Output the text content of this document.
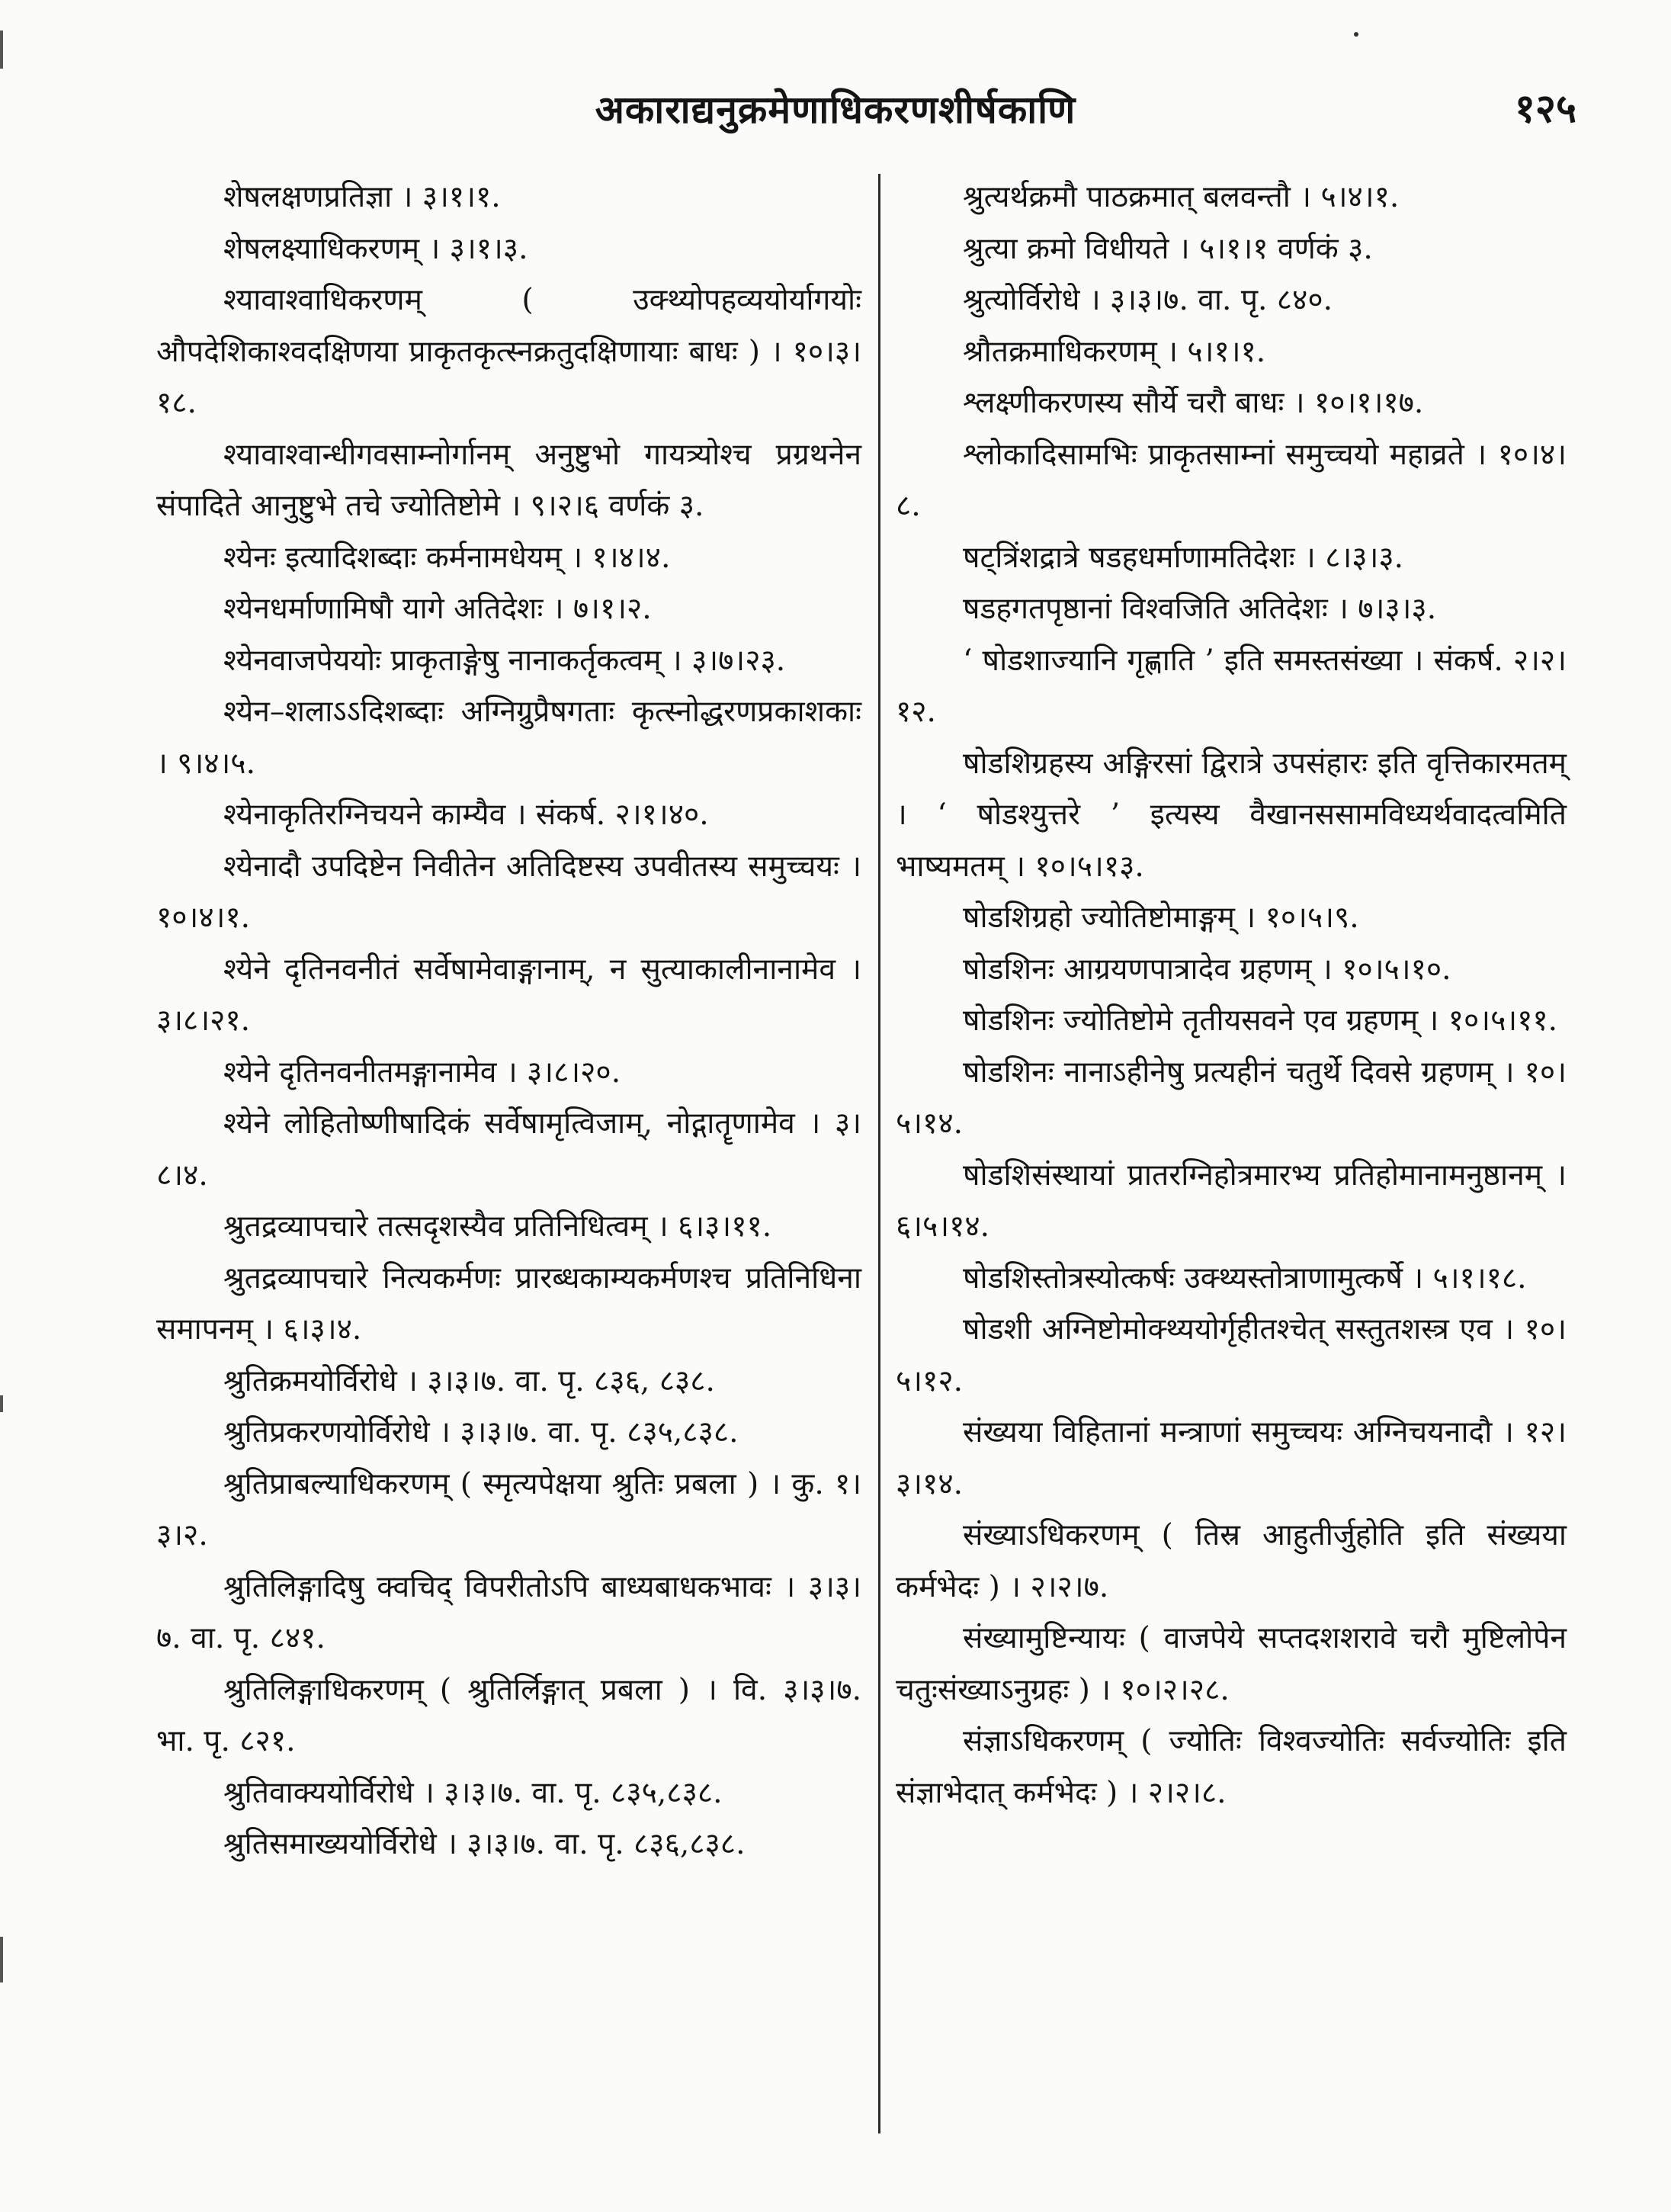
अकाराद्यनुक्रमेणाधिकरणशीर्षकाणि	१२५

शेषलक्षणप्रतिज्ञा । ३।१।१.

शेषलक्ष्याधिकरणम् । ३।१।३.

श्यावाश्वाधिकरणम् ( उक्थ्योपहव्ययोर्यागयोः औपदेशिकाश्वदक्षिणया प्राकृतकृत्स्नक्रतुदक्षिणायाः बाधः ) । १०।३।१८.

श्यावाश्वान्धीगवसाम्नोर्गानम् अनुष्टुभो गायत्र्योश्च प्रग्रथनेन संपादिते आनुष्टुभे तचे ज्योतिष्टोमे । ९।२।६ वर्णकं ३.

श्येनः इत्यादिशब्दाः कर्मनामधेयम् । १।४।४.

श्येनधर्माणामिषौ यागे अतिदेशः । ७।१।२.

श्येनवाजपेययोः प्राकृताङ्गेषु नानाकर्तृकत्वम् । ३।७।२३.

श्येन–शलाऽऽदिशब्दाः अग्निग्रुप्रैषगताः कृत्स्नोद्धरणप्रकाशकाः । ९।४।५.

श्येनाकृतिरग्निचयने काम्यैव । संकर्ष. २।१।४०.

श्येनादौ उपदिष्टेन निवीतेन अतिदिष्टस्य उपवीतस्य समुच्चयः । १०।४।१.

श्येने दृतिनवनीतं सर्वेषामेवाङ्गानाम्, न सुत्याकालीनानामेव । ३।८।२१.

श्येने दृतिनवनीतमङ्गानामेव । ३।८।२०.

श्येने लोहितोष्णीषादिकं सर्वेषामृत्विजाम्, नोद्गातॄणामेव । ३।८।४.

श्रुतद्रव्यापचारे तत्सदृशस्यैव प्रतिनिधित्वम् । ६।३।११.

श्रुतद्रव्यापचारे नित्यकर्मणः प्रारब्धकाम्यकर्मणश्च प्रतिनिधिना समापनम् । ६।३।४.

श्रुतिक्रमयोर्विरोधे । ३।३।७. वा. पृ. ८३६, ८३८.

श्रुतिप्रकरणयोर्विरोधे । ३।३।७. वा. पृ. ८३५,८३८.

श्रुतिप्राबल्याधिकरणम् ( स्मृत्यपेक्षया श्रुतिः प्रबला ) । कु. १।३।२.

श्रुतिलिङ्गादिषु क्वचिद् विपरीतोऽपि बाध्यबाधकभावः । ३।३।७. वा. पृ. ८४१.

श्रुतिलिङ्गाधिकरणम् ( श्रुतिर्लिङ्गात् प्रबला ) । वि. ३।३।७. भा. पृ. ८२१.

श्रुतिवाक्ययोर्विरोधे । ३।३।७. वा. पृ. ८३५,८३८.

श्रुतिसमाख्ययोर्विरोधे । ३।३।७. वा. पृ. ८३६,८३८.

श्रुत्यर्थक्रमौ पाठक्रमात् बलवन्तौ । ५।४।१.

श्रुत्या क्रमो विधीयते । ५।१।१ वर्णकं ३.

श्रुत्योर्विरोधे । ३।३।७. वा. पृ. ८४०.

श्रौतक्रमाधिकरणम् । ५।१।१.

श्लक्ष्णीकरणस्य सौर्ये चरौ बाधः । १०।१।१७.

श्लोकादिसामभिः प्राकृतसाम्नां समुच्चयो महाव्रते । १०।४।८.

षट्त्रिंशद्रात्रे षडहधर्माणामतिदेशः । ८।३।३.

षडहगतपृष्ठानां विश्वजिति अतिदेशः । ७।३।३.

‘ षोडशाज्यानि गृह्णाति ’ इति समस्तसंख्या । संकर्ष. २।२।१२.

षोडशिग्रहस्य अङ्गिरसां द्विरात्रे उपसंहारः इति वृत्तिकारमतम् । ‘ षोडश्युत्तरे ’ इत्यस्य वैखानससामविध्यर्थवादत्वमिति भाष्यमतम् । १०।५।१३.

षोडशिग्रहो ज्योतिष्टोमाङ्गम् । १०।५।९.

षोडशिनः आग्रयणपात्रादेव ग्रहणम् । १०।५।१०.

षोडशिनः ज्योतिष्टोमे तृतीयसवने एव ग्रहणम् । १०।५।११.

षोडशिनः नानाऽहीनेषु प्रत्यहीनं चतुर्थे दिवसे ग्रहणम् । १०।५।१४.

षोडशिसंस्थायां प्रातरग्निहोत्रमारभ्य प्रतिहोमानामनुष्ठानम् । ६।५।१४.

षोडशिस्तोत्रस्योत्कर्षः उक्थ्यस्तोत्राणामुत्कर्षे । ५।१।१८.

षोडशी अग्निष्टोमोक्थ्ययोर्गृहीतश्चेत् सस्तुतशस्त्र एव । १०।५।१२.

संख्यया विहितानां मन्त्राणां समुच्चयः अग्निचयनादौ । १२।३।१४.

संख्याऽधिकरणम् ( तिस्र आहुतीर्जुहोति इति संख्यया कर्मभेदः ) । २।२।७.

संख्यामुष्टिन्यायः ( वाजपेये सप्तदशशरावे चरौ मुष्टिलोपेन चतुःसंख्याऽनुग्रहः ) । १०।२।२८.

संज्ञाऽधिकरणम् ( ज्योतिः विश्वज्योतिः सर्वज्योतिः इति संज्ञाभेदात् कर्मभेदः ) । २।२।८.
